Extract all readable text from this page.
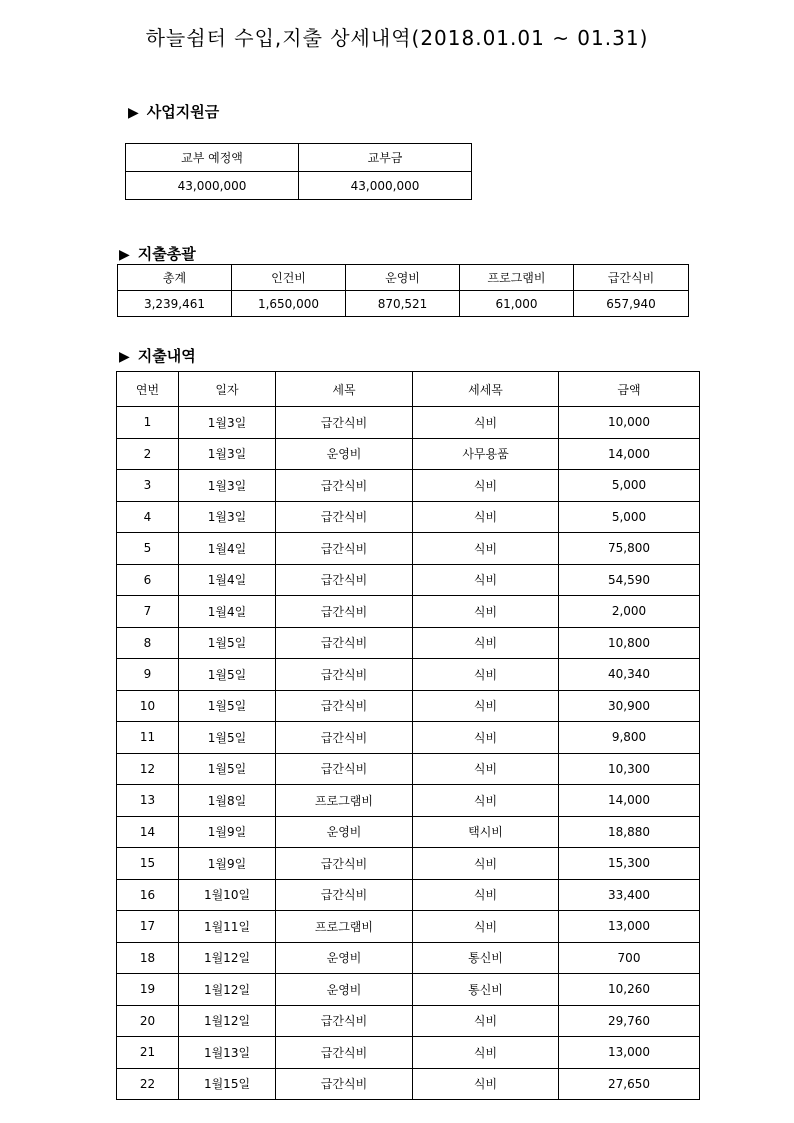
하늘쉼터 수입,지출 상세내역(2018.01.01 ~ 01.31)
▶ 사업지원금
교부 예정액	교부금
43,000,000	43,000,000
▶ 지출총괄
총계	인건비	운영비	프로그램비	급간식비
3,239,461	1,650,000	870,521	61,000	657,940
▶ 지출내역
연번	일자	세목	세세목	금액
1	1월3일	급간식비	식비	10,000
2	1월3일	운영비	사무용품	14,000
3	1월3일	급간식비	식비	5,000
4	1월3일	급간식비	식비	5,000
5	1월4일	급간식비	식비	75,800
6	1월4일	급간식비	식비	54,590
7	1월4일	급간식비	식비	2,000
8	1월5일	급간식비	식비	10,800
9	1월5일	급간식비	식비	40,340
10	1월5일	급간식비	식비	30,900
11	1월5일	급간식비	식비	9,800
12	1월5일	급간식비	식비	10,300
13	1월8일	프로그램비	식비	14,000
14	1월9일	운영비	택시비	18,880
15	1월9일	급간식비	식비	15,300
16	1월10일	급간식비	식비	33,400
17	1월11일	프로그램비	식비	13,000
18	1월12일	운영비	통신비	700
19	1월12일	운영비	통신비	10,260
20	1월12일	급간식비	식비	29,760
21	1월13일	급간식비	식비	13,000
22	1월15일	급간식비	식비	27,650
